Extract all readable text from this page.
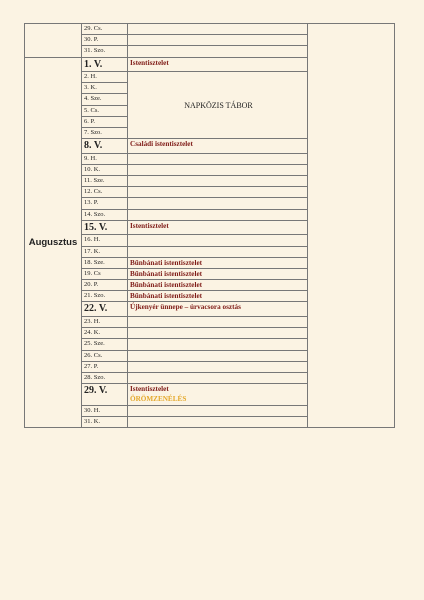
	29. Cs.		
	30. P.		
	31. Szo.		
Augusztus	1. V.	Istentisztelet	

	2. H.	NAPKÖZIS TÁBOR	
	3. K.		
	4. Sze.		
	5. Cs.		
	6. P.		
	7. Szo.		
	8. V.	Családi istentisztelet	

	9. H.		
	10. K.		
	11. Sze.		
	12. Cs.		
	13. P.		
	14. Szo.		
	15. V.	Istentisztelet	

	16. H.		
	17. K.		
	18. Sze.	Bűnbánati istentisztelet	

	19. Cs	Bűnbánati istentisztelet	

	20. P.	Bűnbánati istentisztelet	

	21. Szo.	Bűnbánati istentisztelet	

	22. V.	Újkenyér ünnepe – úrvacsora osztás	

	23. H.		
	24. K.		
	25. Sze.		
	26. Cs.		
	27. P.		
	28. Szo.		
	29. V.	Istentisztelet
ÖRÖMZENÉLÉS	

	30. H.		
	31. K.		
